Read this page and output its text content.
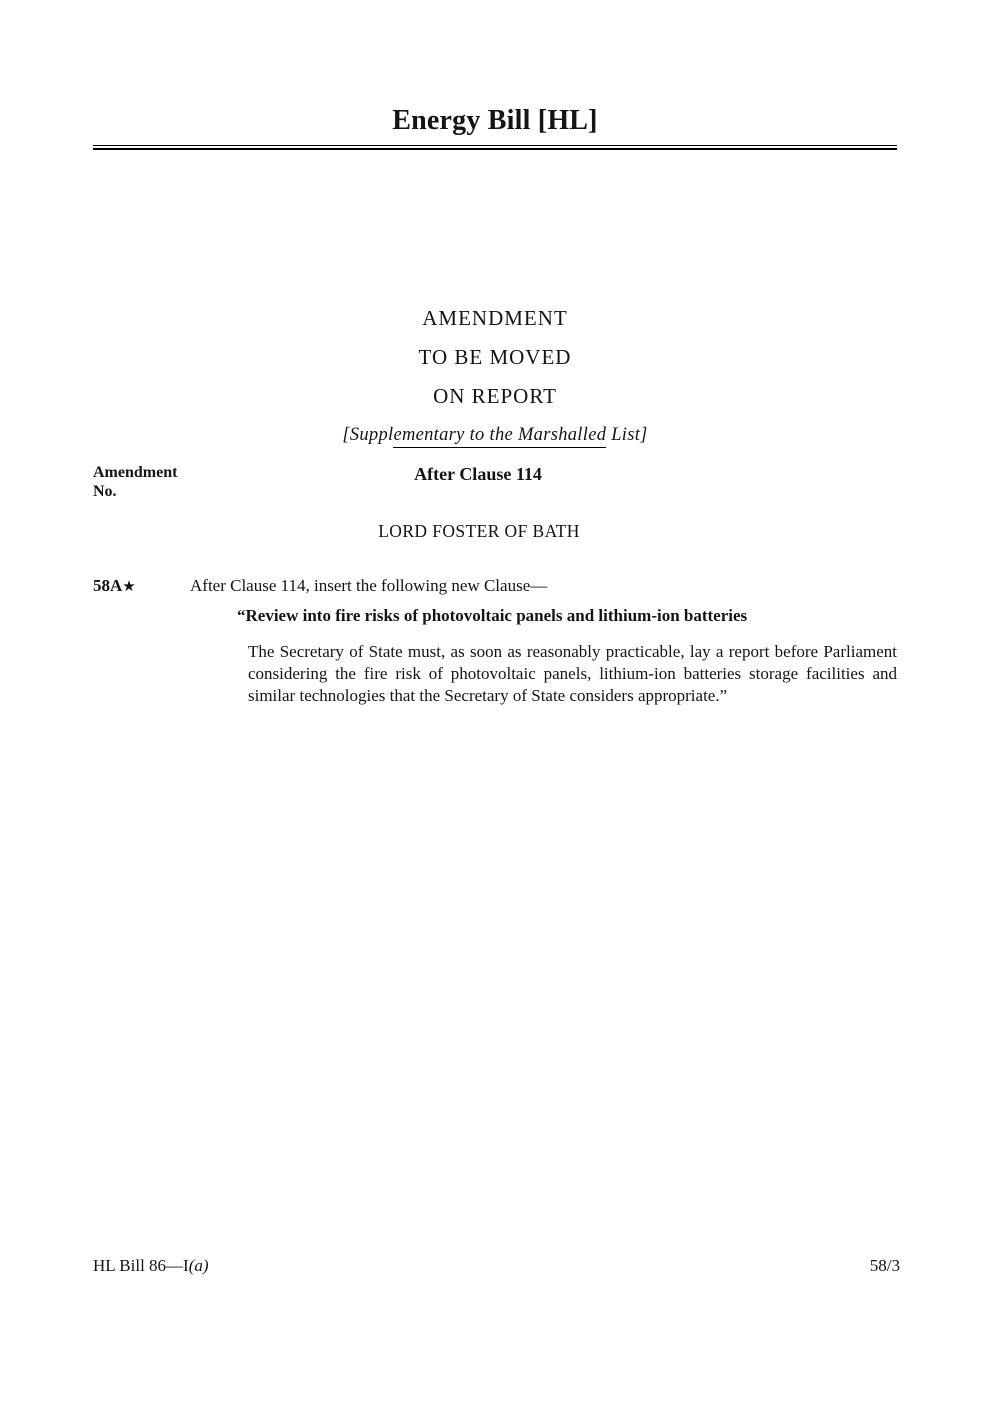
Energy Bill [HL]
AMENDMENT
TO BE MOVED
ON REPORT
[Supplementary to the Marshalled List]
Amendment
No.
After Clause 114
LORD FOSTER OF BATH
58A★	After Clause 114, insert the following new Clause—
“Review into fire risks of photovoltaic panels and lithium-ion batteries

The Secretary of State must, as soon as reasonably practicable, lay a report before Parliament considering the fire risk of photovoltaic panels, lithium-ion batteries storage facilities and similar technologies that the Secretary of State considers appropriate.”

HL Bill 86—I(a)	58/3
